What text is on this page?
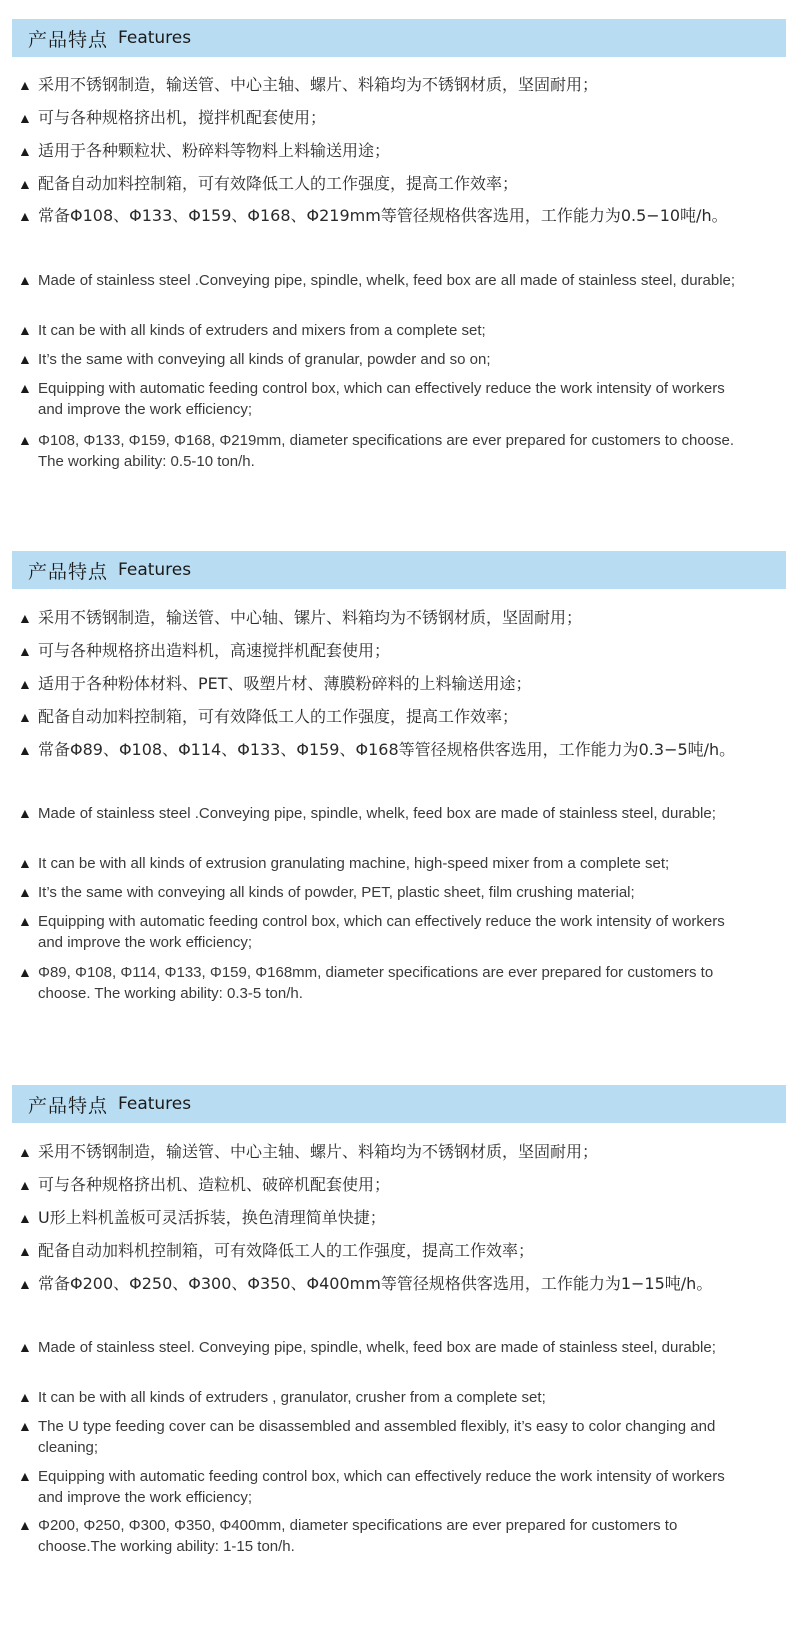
产品特点 Features
▲ 采用不锈钢制造，输送管、中心主轴、螺片、料箱均为不锈钢材质，坚固耐用；
▲ 可与各种规格挤出机，搅拌机配套使用；
▲ 适用于各种颗粒状、粉碎料等物料上料输送用途；
▲ 配备自动加料控制箱，可有效降低工人的工作强度，提高工作效率；
▲ 常备Φ108、Φ133、Φ159、Φ168、Φ219mm等管径规格供客选用，工作能力为0.5−10吨/h。
▲ Made of stainless steel .Conveying pipe, spindle, whelk, feed box are all made of stainless steel, durable;
▲ It can be with all kinds of extruders and mixers from a complete set;
▲ It’s the same with conveying all kinds of granular, powder and so on;
▲ Equipping with automatic feeding control box, which can effectively reduce the work intensity of workers and improve the work efficiency;
▲ Φ108, Φ133, Φ159, Φ168, Φ219mm, diameter specifications are ever prepared for customers to choose. The working ability: 0.5-10 ton/h.
产品特点 Features
▲ 采用不锈钢制造，输送管、中心轴、镙片、料箱均为不锈钢材质，坚固耐用；
▲ 可与各种规格挤出造料机，高速搅拌机配套使用；
▲ 适用于各种粉体材料、PET、吸塑片材、薄膜粉碎料的上料输送用途；
▲ 配备自动加料控制箱，可有效降低工人的工作强度，提高工作效率；
▲ 常备Φ89、Φ108、Φ114、Φ133、Φ159、Φ168等管径规格供客选用，工作能力为0.3−5吨/h。
▲ Made of stainless steel .Conveying pipe, spindle, whelk, feed box are made of stainless steel, durable;
▲ It can be with all kinds of extrusion granulating machine, high-speed mixer from a complete set;
▲ It’s the same with conveying all kinds of powder, PET, plastic sheet, film crushing material;
▲ Equipping with automatic feeding control box, which can effectively reduce the work intensity of workers and improve the work efficiency;
▲ Φ89, Φ108, Φ114, Φ133, Φ159, Φ168mm, diameter specifications are ever prepared for customers to choose. The working ability: 0.3-5 ton/h.
产品特点 Features
▲ 采用不锈钢制造，输送管、中心主轴、螺片、料箱均为不锈钢材质，坚固耐用；
▲ 可与各种规格挤出机、造粒机、破碎机配套使用；
▲ U形上料机盖板可灵活拆装，换色清理简单快捷；
▲ 配备自动加料机控制箱，可有效降低工人的工作强度，提高工作效率；
▲ 常备Φ200、Φ250、Φ300、Φ350、Φ400mm等管径规格供客选用，工作能力为1−15吨/h。
▲ Made of stainless steel. Conveying pipe, spindle, whelk, feed box are made of stainless steel, durable;
▲ It can be with all kinds of extruders , granulator, crusher from a complete set;
▲ The U type feeding cover can be disassembled and assembled flexibly, it’s easy to color changing and cleaning;
▲ Equipping with automatic feeding control box, which can effectively reduce the work intensity of workers and improve the work efficiency;
▲ Φ200, Φ250, Φ300, Φ350, Φ400mm, diameter specifications are ever prepared for customers to choose.The working ability: 1-15 ton/h.
